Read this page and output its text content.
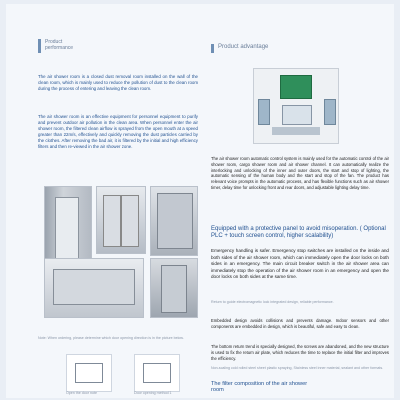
Product
performance
The air shower room is a closed dust removal room installed on the wall of the clean room, which is mainly used to reduce the pollution of dust to the clean room during the process of entering and leaving the clean room.
The air shower room is an effective equipment for personnel equipment to purify and prevent outdoor air pollution in the clean area. When personnel enter the air shower room, the filtered clean airflow is sprayed from the open mouth at a speed greater than 22m/s, effectively and quickly removing the dust particles carried by the clothes. After removing the bad air, it is filtered by the initial and high efficiency filters and then re-viewed in the air shower zone.
Note: When ordering, please determine which door opening direction is in the picture below.
Open the door note	Door opening method 1
Product advantage
The air shower room automatic control system is mainly used for the automatic control of the air shower room, cargo shower room and air shower channel. It can automatically realize the interlocking and unlocking of the inner and outer doors, the start and stop of lighting, the automatic sensing of the human body and the start and stop of the fan. The product has relevant voice prompts in the automatic process, and has flexible functions such as air shower timer, delay time for unlocking front and rear doors, and adjustable lighting delay time.
Equipped with a protective panel to avoid misoperation. ( Optional PLC + touch screen control, higher scalability)
Emergency handling is safer. Emergency stop switches are installed on the inside and both sides of the air shower room, which can immediately open the door locks on both sides in an emergency. The main circuit breaker switch in the air shower area can immediately stop the operation of the air shower room in an emergency and open the door locks on both sides at the same time.
Return to guide electromagnetic lock integrated design, reliable performance.
Embedded design avoids collisions and prevents damage. Indoor sensors and other components are embedded in design, which is beautiful, safe and easy to clean.
The bottom return trend is specially designed, the screws are abandoned, and the new structure is used to fix the return air plate, which reduces the time to replace the initial filter and improves the efficiency.
Non-scaling cold rolled steel sheet plastic spraying, Stainless steel inner material, sealant and other formats.
The filter composition of the air shower room
